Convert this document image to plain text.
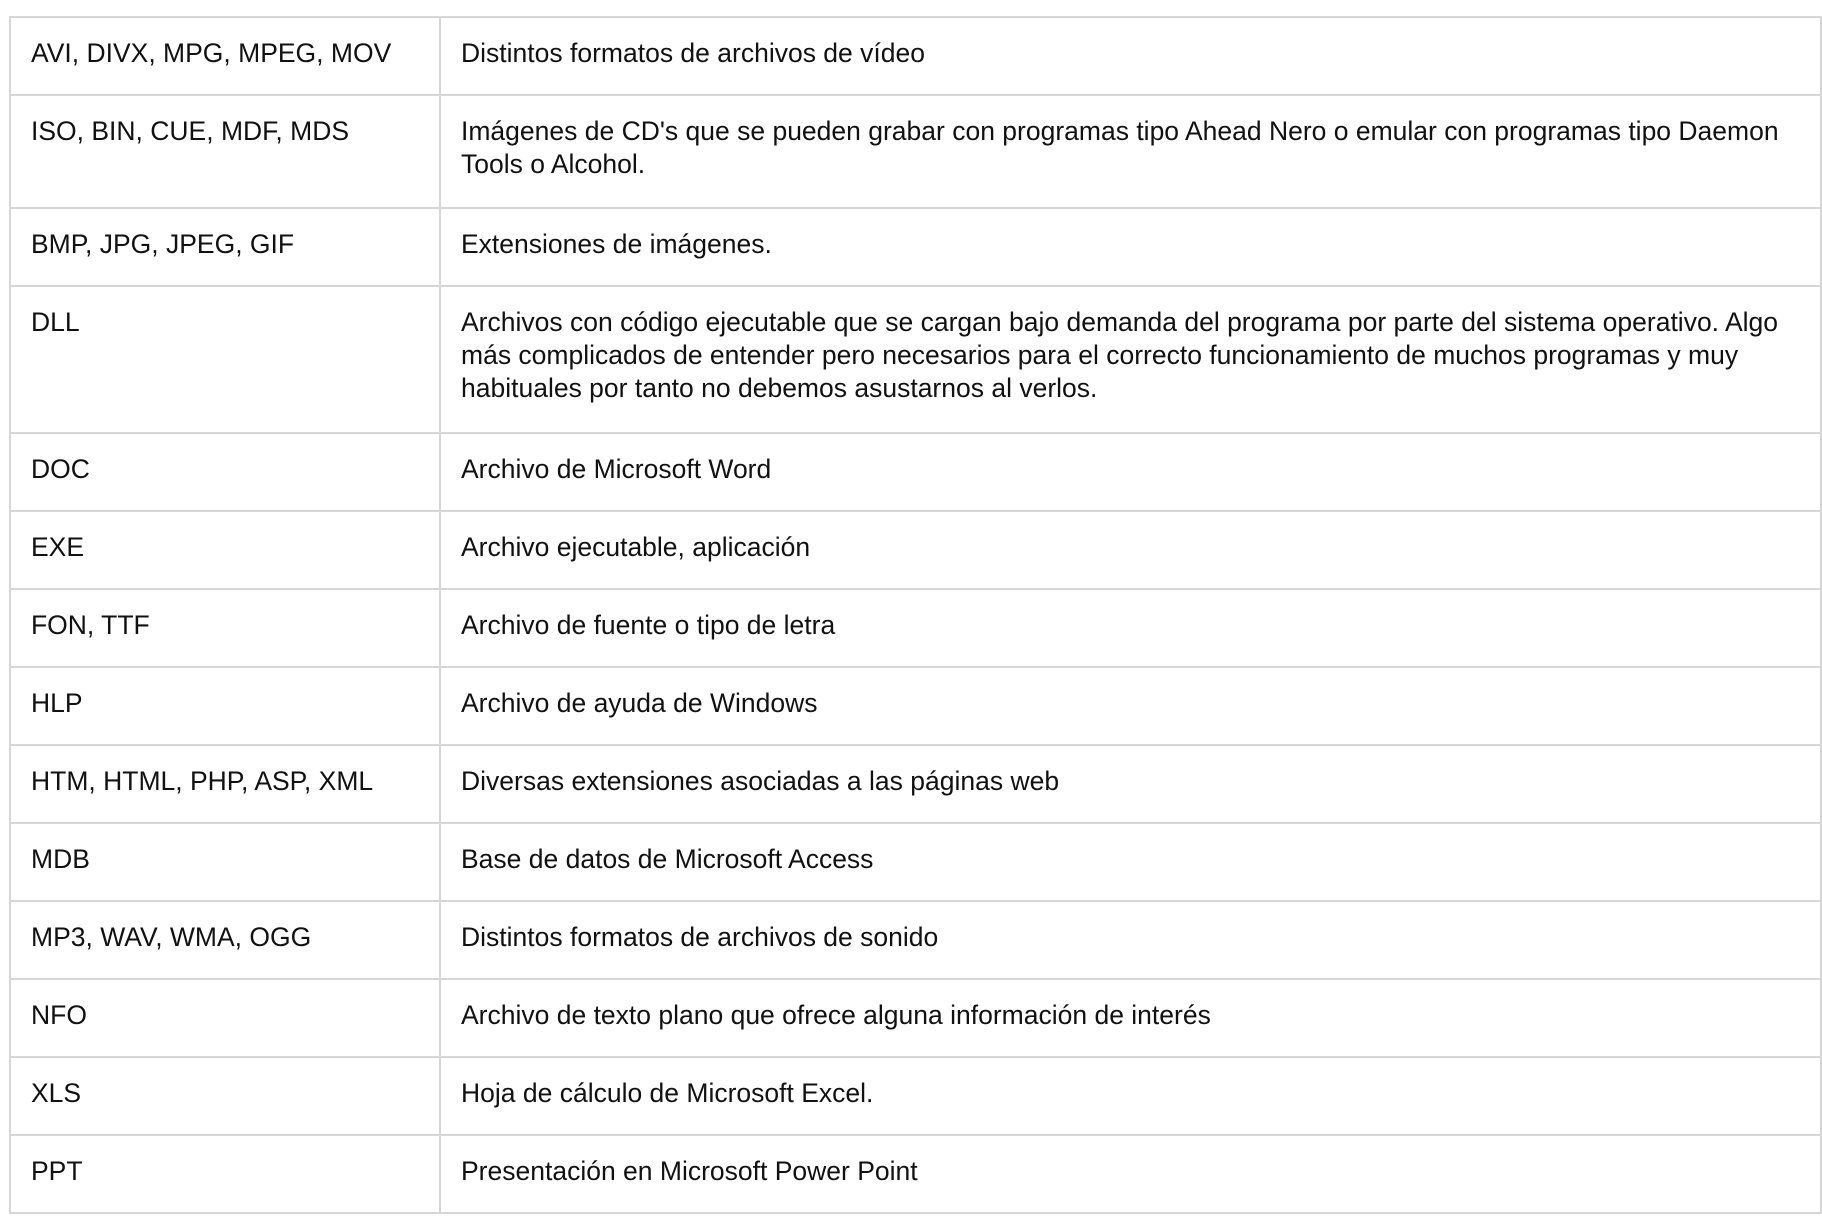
AVI, DIVX, MPG, MPEG, MOV	Distintos formatos de archivos de vídeo
ISO, BIN, CUE, MDF, MDS	Imágenes de CD's que se pueden grabar con programas tipo Ahead Nero o emular con programas tipo Daemon Tools o Alcohol.
BMP, JPG, JPEG, GIF	Extensiones de imágenes.
DLL	Archivos con código ejecutable que se cargan bajo demanda del programa por parte del sistema operativo. Algo más complicados de entender pero necesarios para el correcto funcionamiento de muchos programas y muy habituales por tanto no debemos asustarnos al verlos.
DOC	Archivo de Microsoft Word
EXE	Archivo ejecutable, aplicación
FON, TTF	Archivo de fuente o tipo de letra
HLP	Archivo de ayuda de Windows
HTM, HTML, PHP, ASP, XML	Diversas extensiones asociadas a las páginas web
MDB	Base de datos de Microsoft Access
MP3, WAV, WMA, OGG	Distintos formatos de archivos de sonido
NFO	Archivo de texto plano que ofrece alguna información de interés
XLS	Hoja de cálculo de Microsoft Excel.
PPT	Presentación en Microsoft Power Point
